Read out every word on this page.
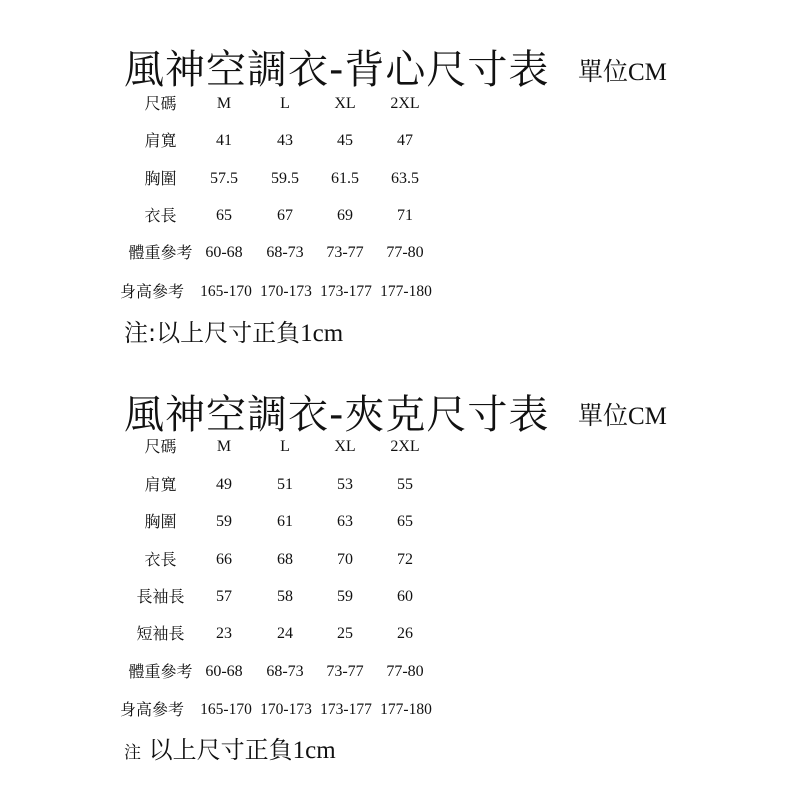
風神空調衣-背心尺寸表 單位CM
尺碼	M	L	XL	2XL
肩寬	41	43	45	47
胸圍	57.5	59.5	61.5	63.5
衣長	65	67	69	71
體重參考 60-68	68-73	73-77	77-80
身高參考	165-170 170-173 173-177 177-180
注:以上尺寸正負1cm
風神空調衣-夾克尺寸表 單位CM
尺碼	M	L	XL	2XL
肩寬	49	51	53	55
胸圍	59	61	63	65
衣長	66	68	70	72
長袖長	57	58	59	60
短袖長	23	24	25	26
體重參考 60-68	68-73	73-77	77-80
身高參考	165-170 170-173 173-177 177-180
注 以上尺寸正負1cm
